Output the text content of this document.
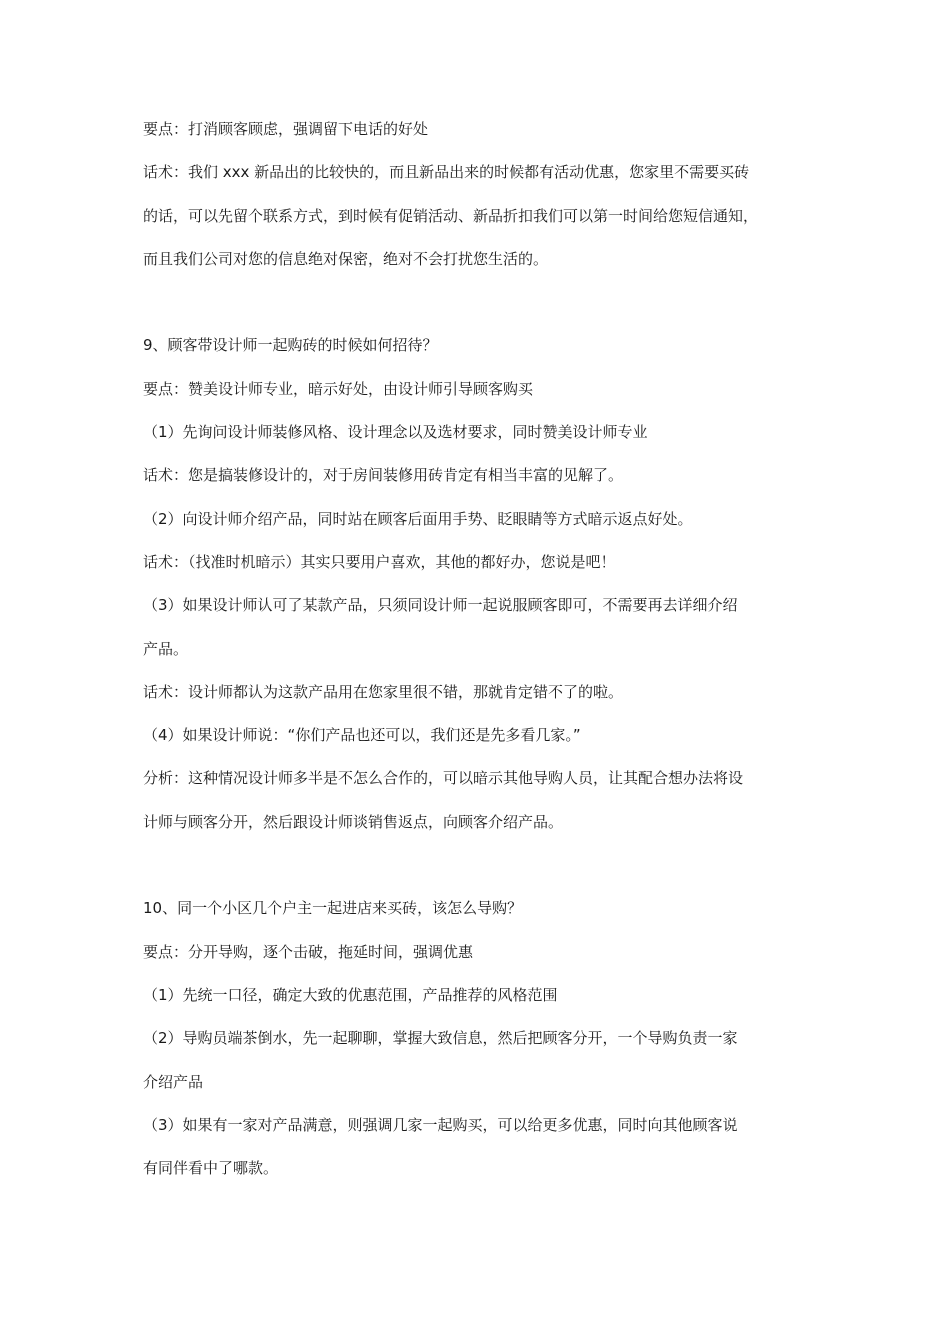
要点：打消顾客顾虑，强调留下电话的好处

话术：我们 xxx 新品出的比较快的，而且新品出来的时候都有活动优惠，您家里不需要买砖

的话，可以先留个联系方式，到时候有促销活动、新品折扣我们可以第一时间给您短信通知，

而且我们公司对您的信息绝对保密，绝对不会打扰您生活的。

9、顾客带设计师一起购砖的时候如何招待？

要点：赞美设计师专业，暗示好处，由设计师引导顾客购买

（1）先询问设计师装修风格、设计理念以及选材要求，同时赞美设计师专业

话术：您是搞装修设计的，对于房间装修用砖肯定有相当丰富的见解了。

（2）向设计师介绍产品，同时站在顾客后面用手势、眨眼睛等方式暗示返点好处。

话术：（找准时机暗示）其实只要用户喜欢，其他的都好办，您说是吧！

（3）如果设计师认可了某款产品，只须同设计师一起说服顾客即可，不需要再去详细介绍

产品。

话术：设计师都认为这款产品用在您家里很不错，那就肯定错不了的啦。

（4）如果设计师说：“你们产品也还可以，我们还是先多看几家。”

分析：这种情况设计师多半是不怎么合作的，可以暗示其他导购人员，让其配合想办法将设

计师与顾客分开，然后跟设计师谈销售返点，向顾客介绍产品。

10、同一个小区几个户主一起进店来买砖，该怎么导购？

要点：分开导购，逐个击破，拖延时间，强调优惠

（1）先统一口径，确定大致的优惠范围，产品推荐的风格范围

（2）导购员端茶倒水，先一起聊聊，掌握大致信息，然后把顾客分开，一个导购负责一家

介绍产品

（3）如果有一家对产品满意，则强调几家一起购买，可以给更多优惠，同时向其他顾客说

有同伴看中了哪款。
